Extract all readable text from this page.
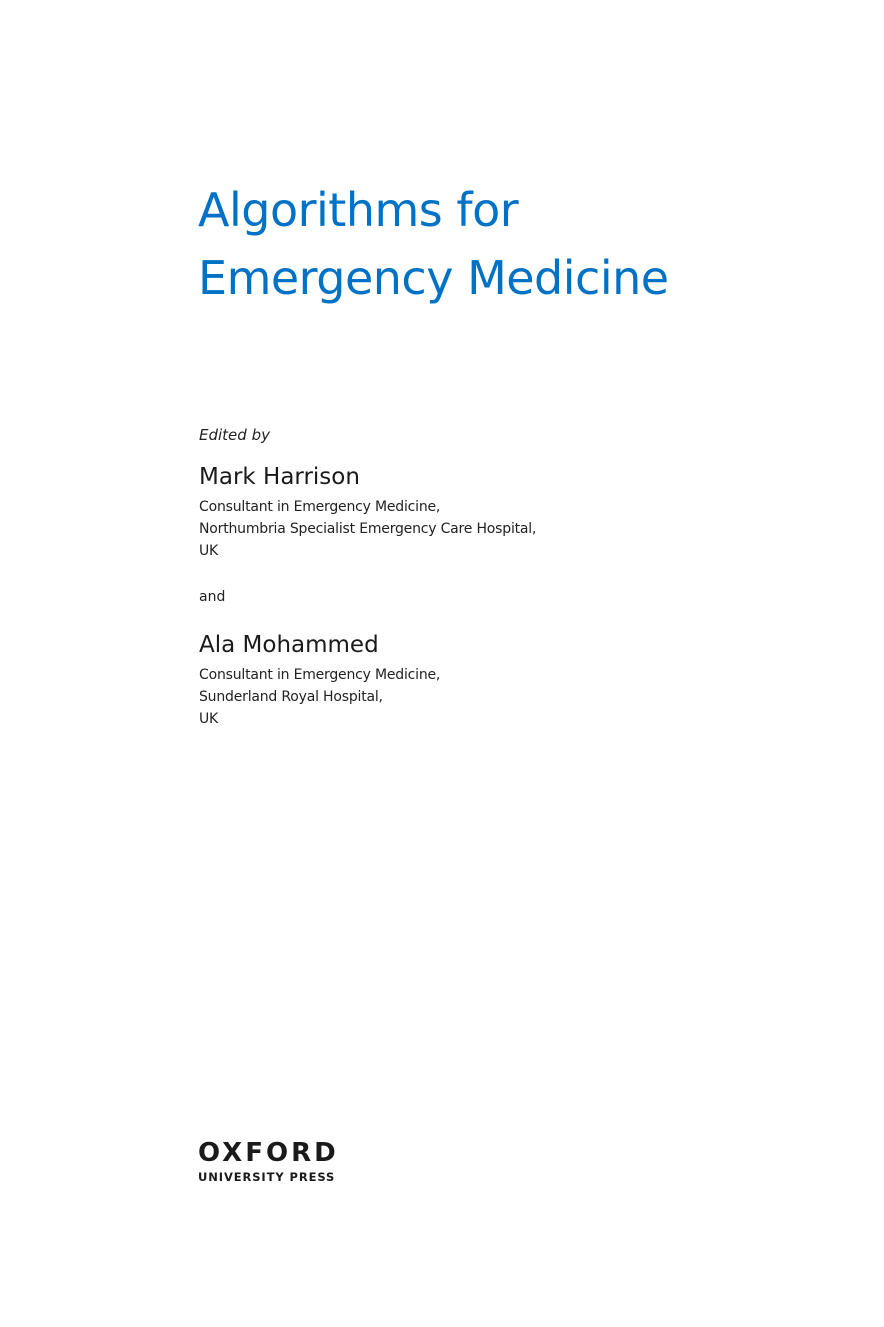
Algorithms for
Emergency Medicine
Edited by
Mark Harrison
Consultant in Emergency Medicine,
Northumbria Specialist Emergency Care Hospital,
UK
and
Ala Mohammed
Consultant in Emergency Medicine,
Sunderland Royal Hospital,
UK
OXFORD
UNIVERSITY PRESS
